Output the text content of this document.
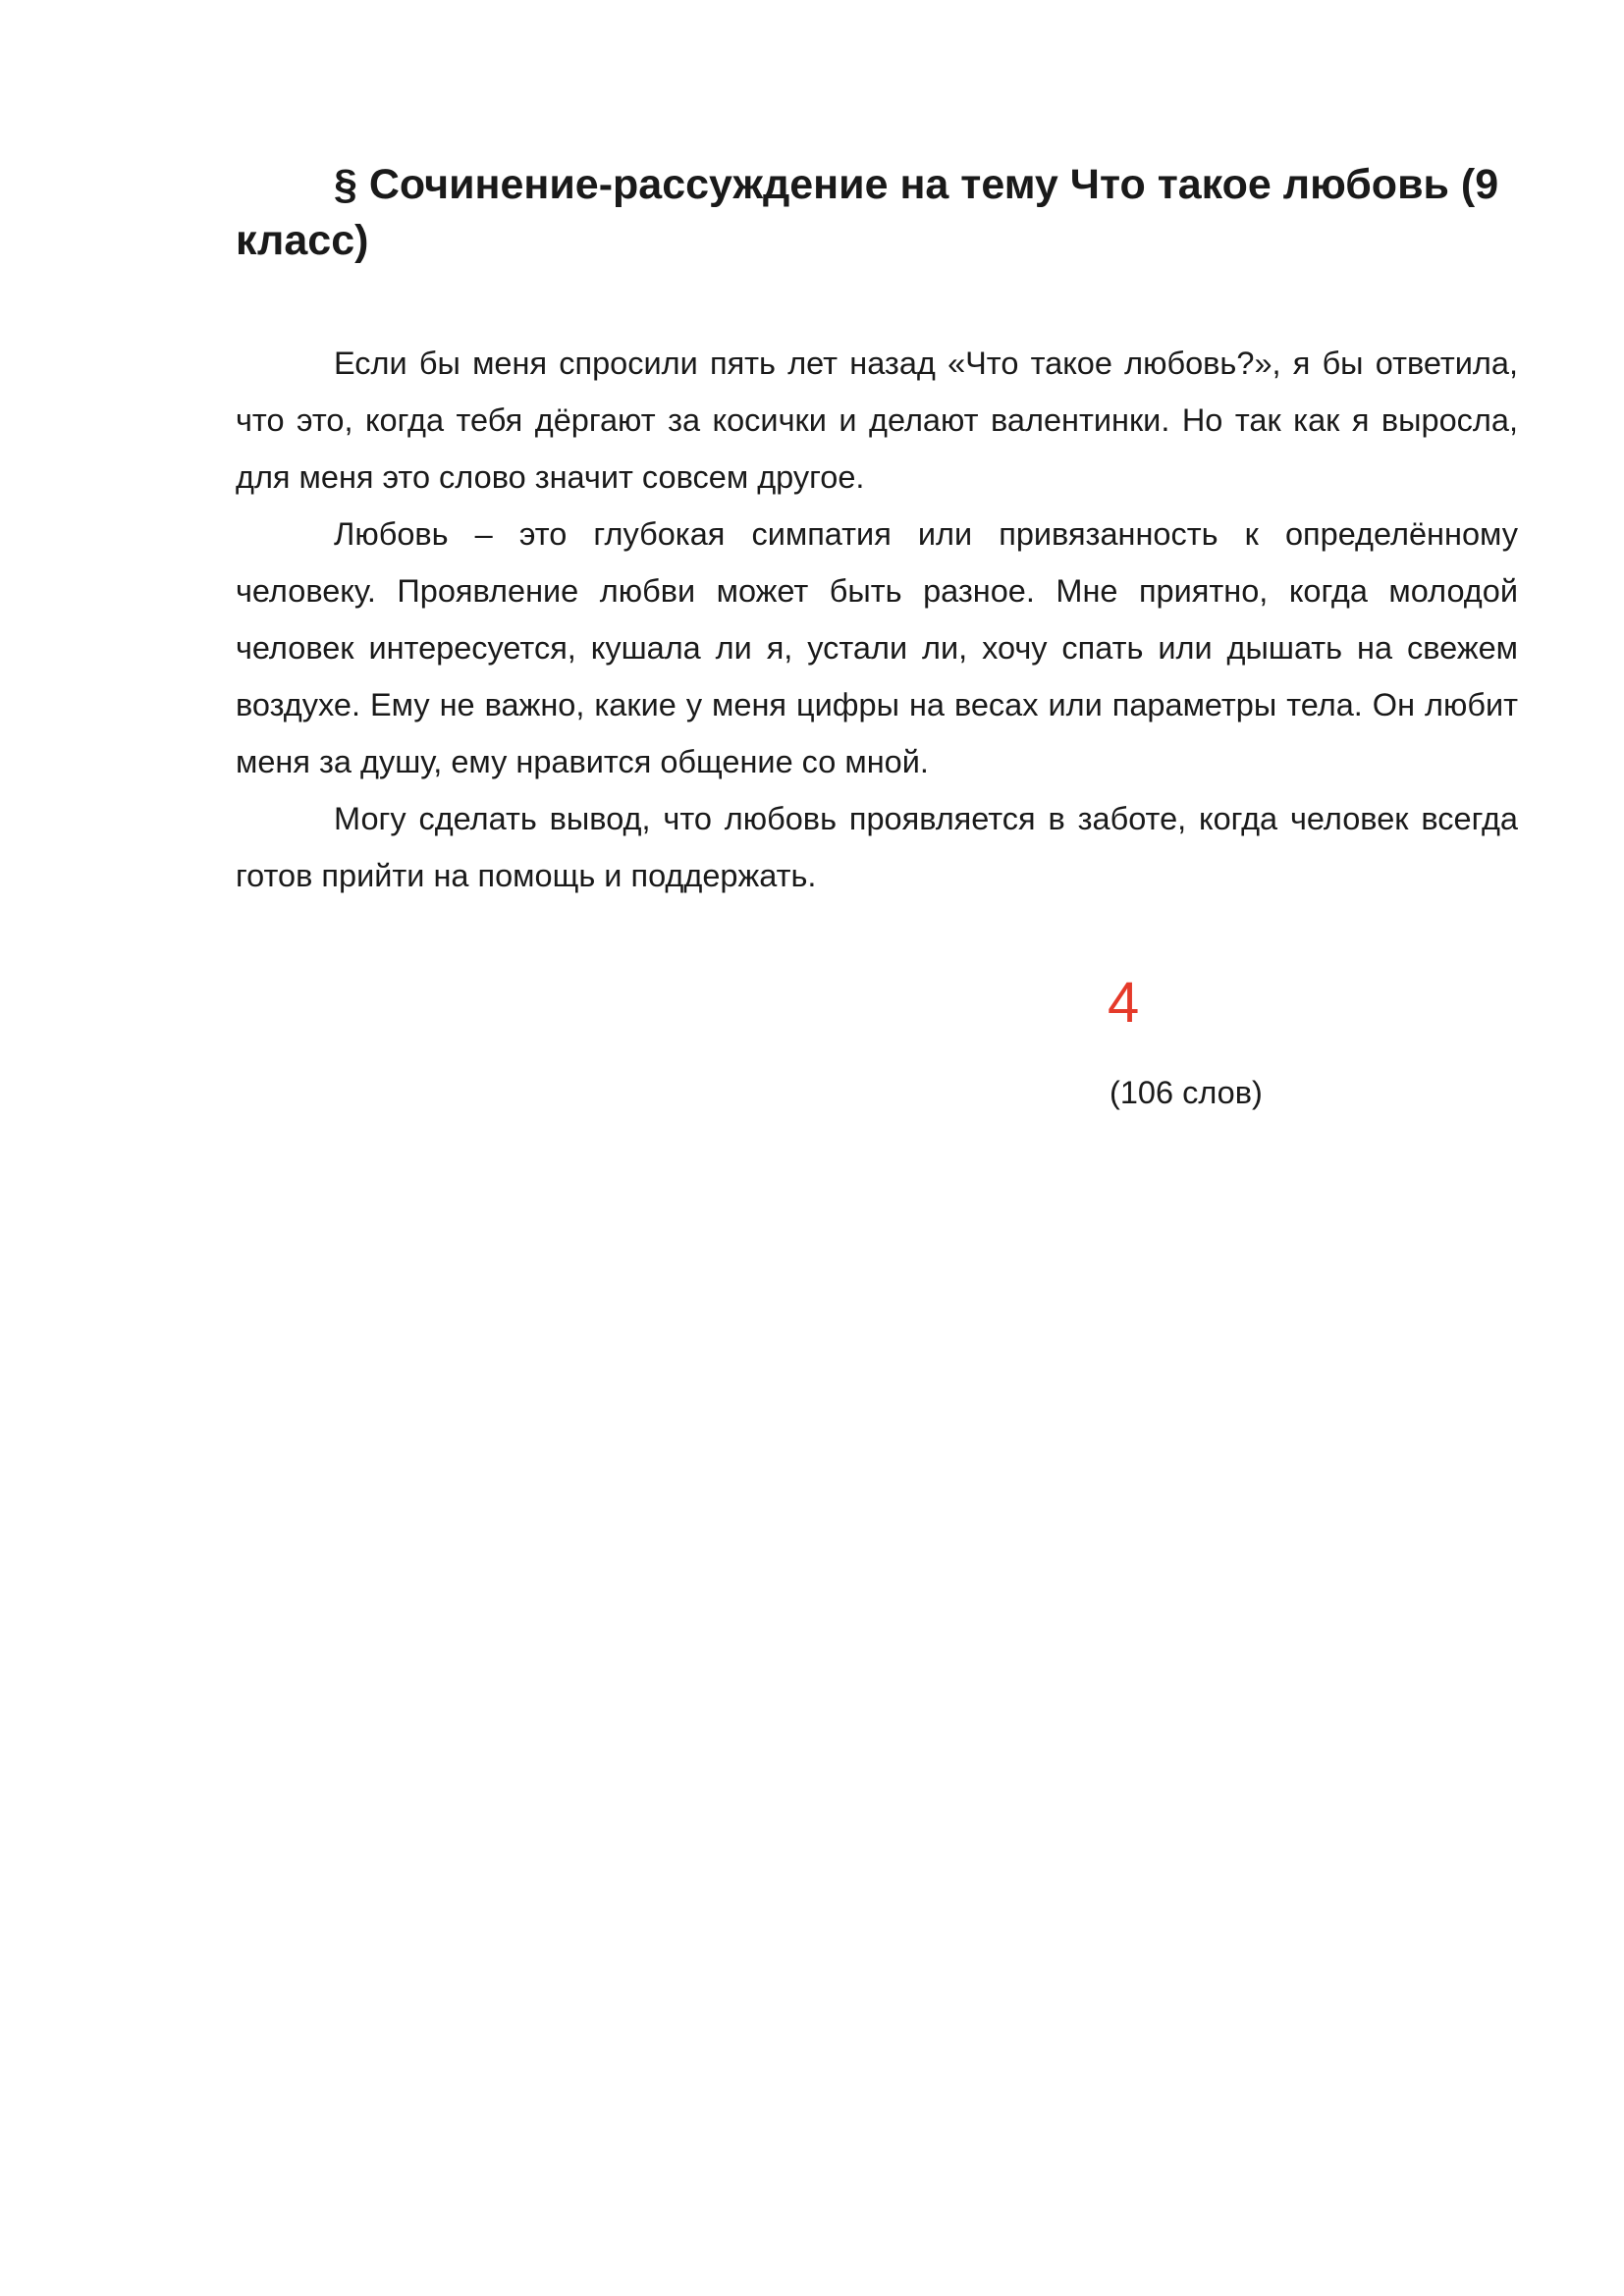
§ Сочинение-рассуждение на тему Что такое любовь (9 класс)

Если бы меня спросили пять лет назад «Что такое любовь?», я бы ответила, что это, когда тебя дёргают за косички и делают валентинки. Но так как я выросла, для меня это слово значит совсем другое.

Любовь – это глубокая симпатия или привязанность к определённому человеку. Проявление любви может быть разное. Мне приятно, когда молодой человек интересуется, кушала ли я, устали ли, хочу спать или дышать на свежем воздухе. Ему не важно, какие у меня цифры на весах или параметры тела. Он любит меня за душу, ему нравится общение со мной.

Могу сделать вывод, что любовь проявляется в заботе, когда человек всегда готов прийти на помощь и поддержать.

4
(106 слов)
